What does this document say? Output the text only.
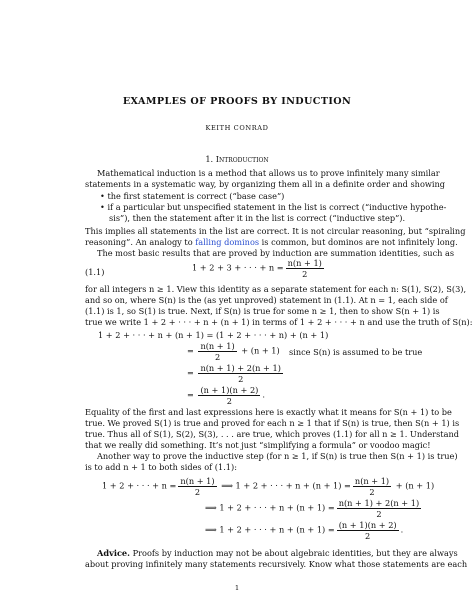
EXAMPLES OF PROOFS BY INDUCTION
KEITH CONRAD
1. Introduction
Mathematical induction is a method that allows us to prove infinitely many similar
statements in a systematic way, by organizing them all in a definite order and showing
• the first statement is correct (“base case”)
• if a particular but unspecified statement in the list is correct (“inductive hypothe-
sis”), then the statement after it in the list is correct (“inductive step”).
This implies all statements in the list are correct. It is not circular reasoning, but “spiraling
reasoning”. An analogy to falling dominos is common, but dominos are not infinitely long.
The most basic results that are proved by induction are summation identities, such as
(1.1)	1 + 2 + 3 + · · · + $n = \frac{n(n + 1)}{2}$
for all integers n ≥ 1. View this identity as a separate statement for each n: S(1), S(2), S(3),
and so on, where S(n) is the (as yet unproved) statement in (1.1). At n = 1, each side of
(1.1) is 1, so S(1) is true. Next, if S(n) is true for some n ≥ 1, then to show S(n + 1) is
true we write 1 + 2 + · · · + n + (n + 1) in terms of 1 + 2 + · · · + n and use the truth of S(n):
1 + 2 + · · · + n + (n + 1) = (1 + 2 + · · · + n) + (n + 1)
= $\frac{n(n + 1)}{2} + (n + 1)$ since S(n) is assumed to be true
= $\frac{n(n + 1) + 2(n + 1)}{2}$
= $\frac{(n + 1)(n + 2)}{2}$ .
Equality of the first and last expressions here is exactly what it means for S(n + 1) to be
true. We proved S(1) is true and proved for each n ≥ 1 that if S(n) is true, then S(n + 1) is
true. Thus all of S(1), S(2), S(3), . . . are true, which proves (1.1) for all n ≥ 1. Understand
that we really did something. It’s not just “simplifying a formula” or voodoo magic!
Another way to prove the inductive step (for n ≥ 1, if S(n) is true then S(n + 1) is true)
is to add n + 1 to both sides of (1.1):
1 + 2 + · · · + $n = \frac{n(n + 1)}{2}$ ⟹ 1 + 2 + · · · + $n + (n + 1) = \frac{n(n + 1)}{2} + (n + 1)$
⟹ 1 + 2 + · · · + $n + (n + 1) = \frac{n(n + 1) + 2(n + 1)}{2}$
⟹ 1 + 2 + · · · + $n + (n + 1) = \frac{(n + 1)(n + 2)}{2}$ .
Advice. Proofs by induction may not be about algebraic identities, but they are always
about proving infinitely many statements recursively. Know what those statements are each
1
